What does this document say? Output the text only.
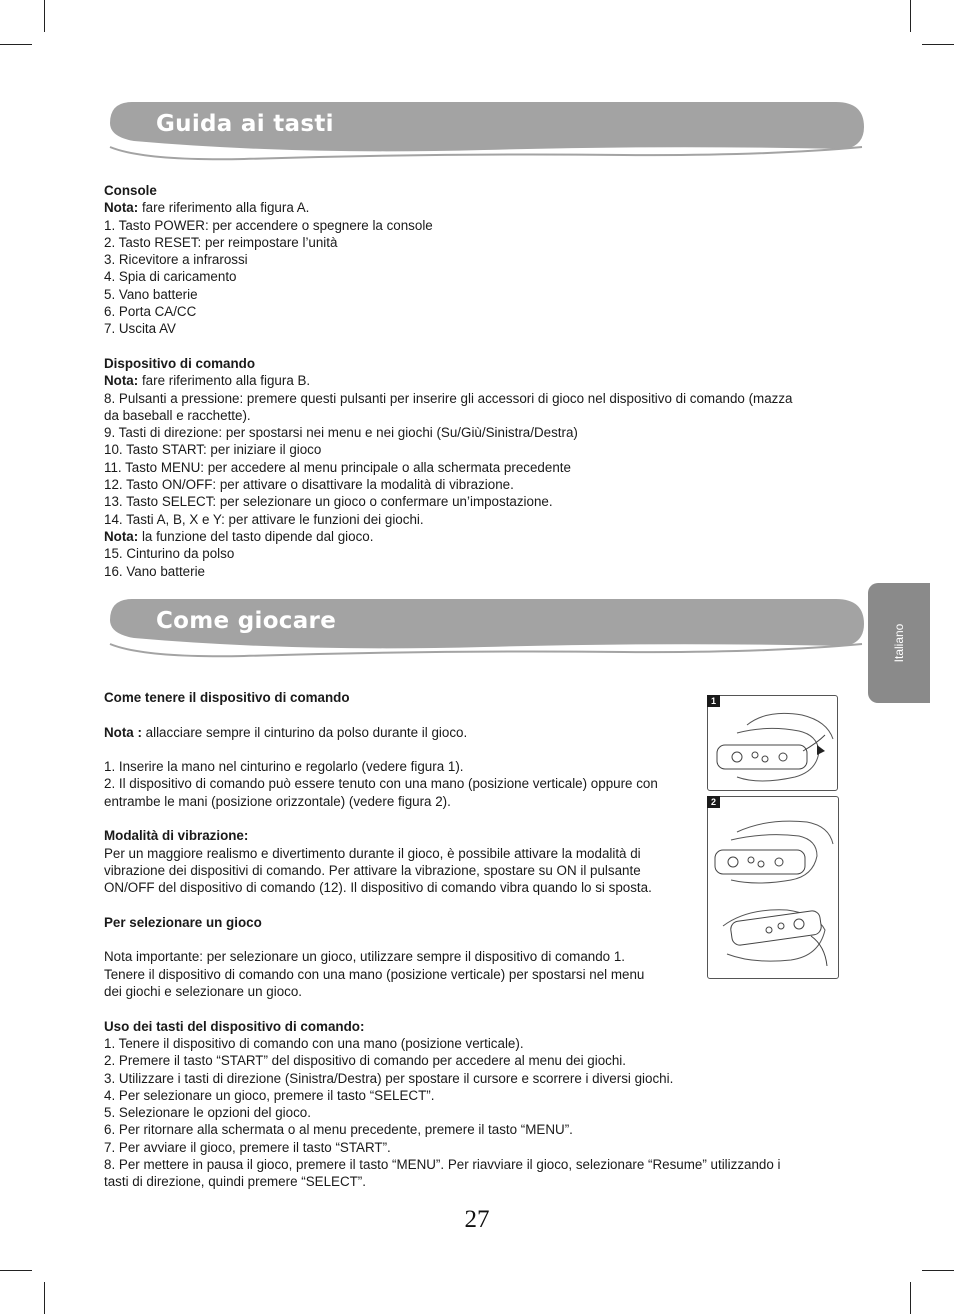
Guida ai tasti

Console

Nota: fare riferimento alla figura A.

1. Tasto POWER: per accendere o spegnere la console

2. Tasto RESET: per reimpostare l’unità

3. Ricevitore a infrarossi

4. Spia di caricamento

5. Vano batterie

6. Porta CA/CC

7. Uscita AV

Dispositivo di comando

Nota: fare riferimento alla figura B.

8. Pulsanti a pressione: premere questi pulsanti per inserire gli accessori di gioco nel dispositivo di comando (mazza

da baseball e racchette).

9. Tasti di direzione: per spostarsi nei menu e nei giochi (Su/Giù/Sinistra/Destra)

10. Tasto START: per iniziare il gioco

11. Tasto MENU: per accedere al menu principale o alla schermata precedente

12. Tasto ON/OFF: per attivare o disattivare la modalità di vibrazione.

13. Tasto SELECT: per selezionare un gioco o confermare un’impostazione.

14. Tasti A, B, X e Y: per attivare le funzioni dei giochi.

Nota: la funzione del tasto dipende dal gioco.

15. Cinturino da polso

16. Vano batterie

Come giocare
Italiano

Come tenere il dispositivo di comando

Nota : allacciare sempre il cinturino da polso durante il gioco.

1. Inserire la mano nel cinturino e regolarlo (vedere figura 1).

2. Il dispositivo di comando può essere tenuto con una mano (posizione verticale) oppure con

entrambe le mani (posizione orizzontale) (vedere figura 2).

Modalità di vibrazione:

Per un maggiore realismo e divertimento durante il gioco, è possibile attivare la modalità di

vibrazione dei dispositivi di comando. Per attivare la vibrazione, spostare su ON il pulsante

ON/OFF del dispositivo di comando (12). Il dispositivo di comando vibra quando lo si sposta.

Per selezionare un gioco

Nota importante: per selezionare un gioco, utilizzare sempre il dispositivo di comando 1.

Tenere il dispositivo di comando con una mano (posizione verticale) per spostarsi nel menu

dei giochi e selezionare un gioco.

Uso dei tasti del dispositivo di comando:

1. Tenere il dispositivo di comando con una mano (posizione verticale).

2. Premere il tasto “START” del dispositivo di comando per accedere al menu dei giochi.

3. Utilizzare i tasti di direzione (Sinistra/Destra) per spostare il cursore e scorrere i diversi giochi.

4. Per selezionare un gioco, premere il tasto “SELECT”.

5. Selezionare le opzioni del gioco.

6. Per ritornare alla schermata o al menu precedente, premere il tasto “MENU”.

7. Per avviare il gioco, premere il tasto “START”.

8. Per mettere in pausa il gioco, premere il tasto “MENU”. Per riavviare il gioco, selezionare “Resume” utilizzando i

tasti di direzione, quindi premere “SELECT”.

1
2
27
